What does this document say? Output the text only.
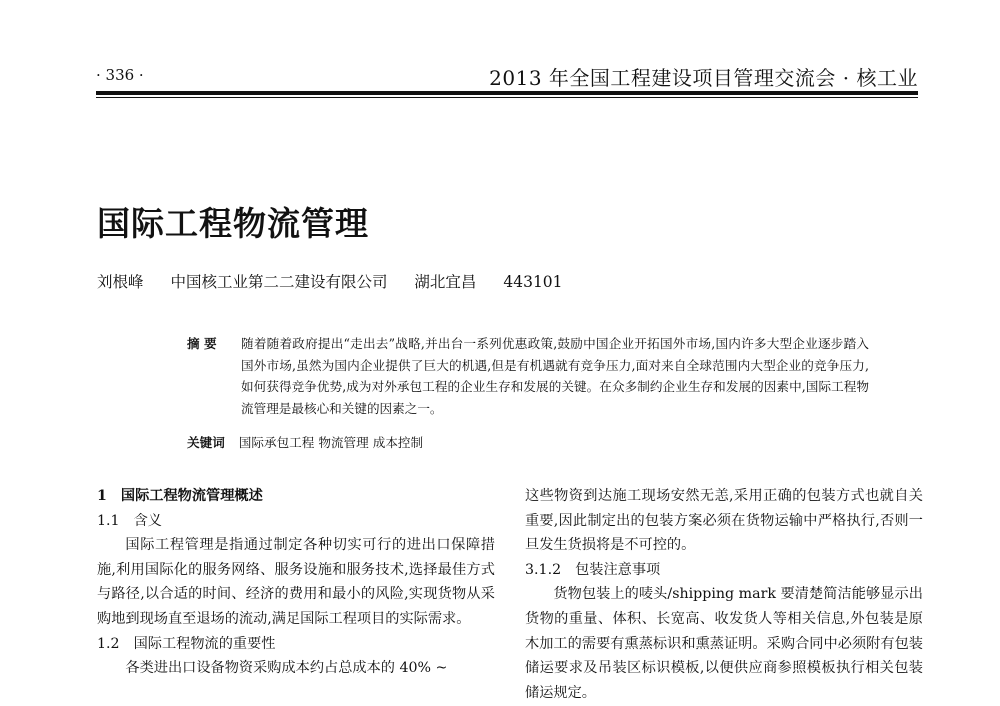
· 336 ·	2013 年全国工程建设项目管理交流会 · 核工业
国际工程物流管理
刘根峰 中国核工业第二二建设有限公司 湖北宜昌 443101
摘 要 随着随着政府提出“走出去”战略,并出台一系列优惠政策,鼓励中国企业开拓国外市场,国内许多大型企业逐步踏入国外市场,虽然为国内企业提供了巨大的机遇,但是有机遇就有竞争压力,面对来自全球范围内大型企业的竞争压力,如何获得竞争优势,成为对外承包工程的企业生存和发展的关键。在众多制约企业生存和发展的因素中,国际工程物流管理是最核心和关键的因素之一。
关键词 国际承包工程 物流管理 成本控制
1 国际工程物流管理概述
1.1 含义

国际工程管理是指通过制定各种切实可行的进出口保障措施,利用国际化的服务网络、服务设施和服务技术,选择最佳方式与路径,以合适的时间、经济的费用和最小的风险,实现货物从采购地到现场直至退场的流动,满足国际工程项目的实际需求。

1.2 国际工程物流的重要性

各类进出口设备物资采购成本约占总成本的 40% ~

这些物资到达施工现场安然无恙,采用正确的包装方式也就自关重要,因此制定出的包装方案必须在货物运输中严格执行,否则一旦发生货损将是不可控的。

3.1.2 包装注意事项

货物包装上的唛头/shipping mark 要清楚简洁能够显示出货物的重量、体积、长宽高、收发货人等相关信息,外包装是原木加工的需要有熏蒸标识和熏蒸证明。采购合同中必须附有包装储运要求及吊装区标识模板,以便供应商参照模板执行相关包装储运规定。
